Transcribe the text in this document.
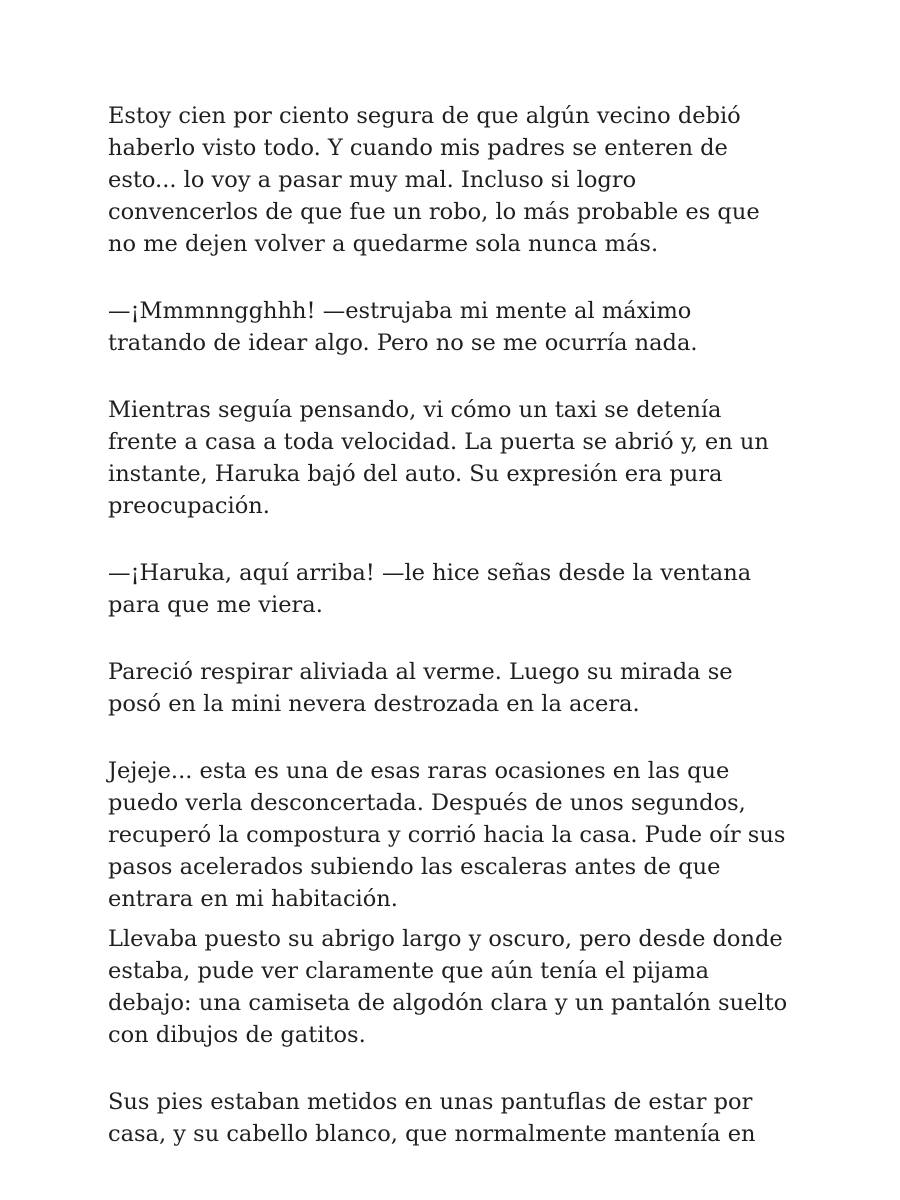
Estoy cien por ciento segura de que algún vecino debió haberlo visto todo. Y cuando mis padres se enteren de esto... lo voy a pasar muy mal. Incluso si logro convencerlos de que fue un robo, lo más probable es que no me dejen volver a quedarme sola nunca más.

—¡Mmmnngghhh! —estrujaba mi mente al máximo tratando de idear algo. Pero no se me ocurría nada.

Mientras seguía pensando, vi cómo un taxi se detenía frente a casa a toda velocidad. La puerta se abrió y, en un instante, Haruka bajó del auto. Su expresión era pura preocupación.

—¡Haruka, aquí arriba! —le hice señas desde la ventana para que me viera.

Pareció respirar aliviada al verme. Luego su mirada se posó en la mini nevera destrozada en la acera.

Jejeje... esta es una de esas raras ocasiones en las que puedo verla desconcertada. Después de unos segundos, recuperó la compostura y corrió hacia la casa. Pude oír sus pasos acelerados subiendo las escaleras antes de que entrara en mi habitación.

Llevaba puesto su abrigo largo y oscuro, pero desde donde estaba, pude ver claramente que aún tenía el pijama debajo: una camiseta de algodón clara y un pantalón suelto con dibujos de gatitos.

Sus pies estaban metidos en unas pantuflas de estar por casa, y su cabello blanco, que normalmente mantenía en
